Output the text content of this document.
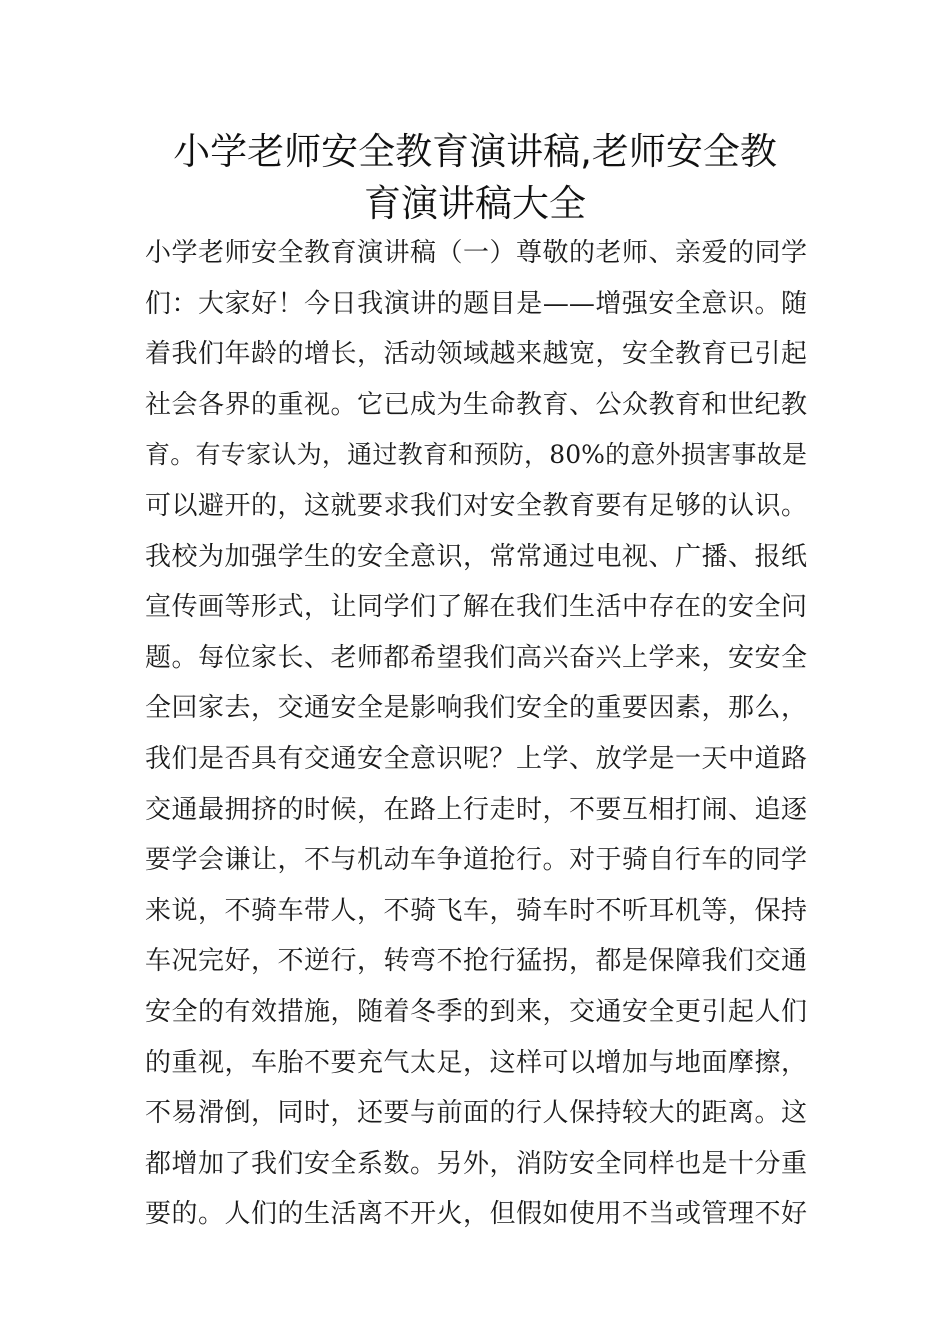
小学老师安全教育演讲稿,老师安全教
育演讲稿大全
小学老师安全教育演讲稿（一）尊敬的老师、亲爱的同学
们：大家好！今日我演讲的题目是——增强安全意识。随
着我们年龄的增长，活动领域越来越宽，安全教育已引起
社会各界的重视。它已成为生命教育、公众教育和世纪教
育。有专家认为，通过教育和预防，80%的意外损害事故是
可以避开的，这就要求我们对安全教育要有足够的认识。
我校为加强学生的安全意识，常常通过电视、广播、报纸
宣传画等形式，让同学们了解在我们生活中存在的安全问
题。每位家长、老师都希望我们高兴奋兴上学来，安安全
全回家去，交通安全是影响我们安全的重要因素，那么，
我们是否具有交通安全意识呢？上学、放学是一天中道路
交通最拥挤的时候，在路上行走时，不要互相打闹、追逐
要学会谦让，不与机动车争道抢行。对于骑自行车的同学
来说，不骑车带人，不骑飞车，骑车时不听耳机等，保持
车况完好，不逆行，转弯不抢行猛拐，都是保障我们交通
安全的有效措施，随着冬季的到来，交通安全更引起人们
的重视，车胎不要充气太足，这样可以增加与地面摩擦，
不易滑倒，同时，还要与前面的行人保持较大的距离。这
都增加了我们安全系数。另外，消防安全同样也是十分重
要的。人们的生活离不开火，但假如使用不当或管理不好
